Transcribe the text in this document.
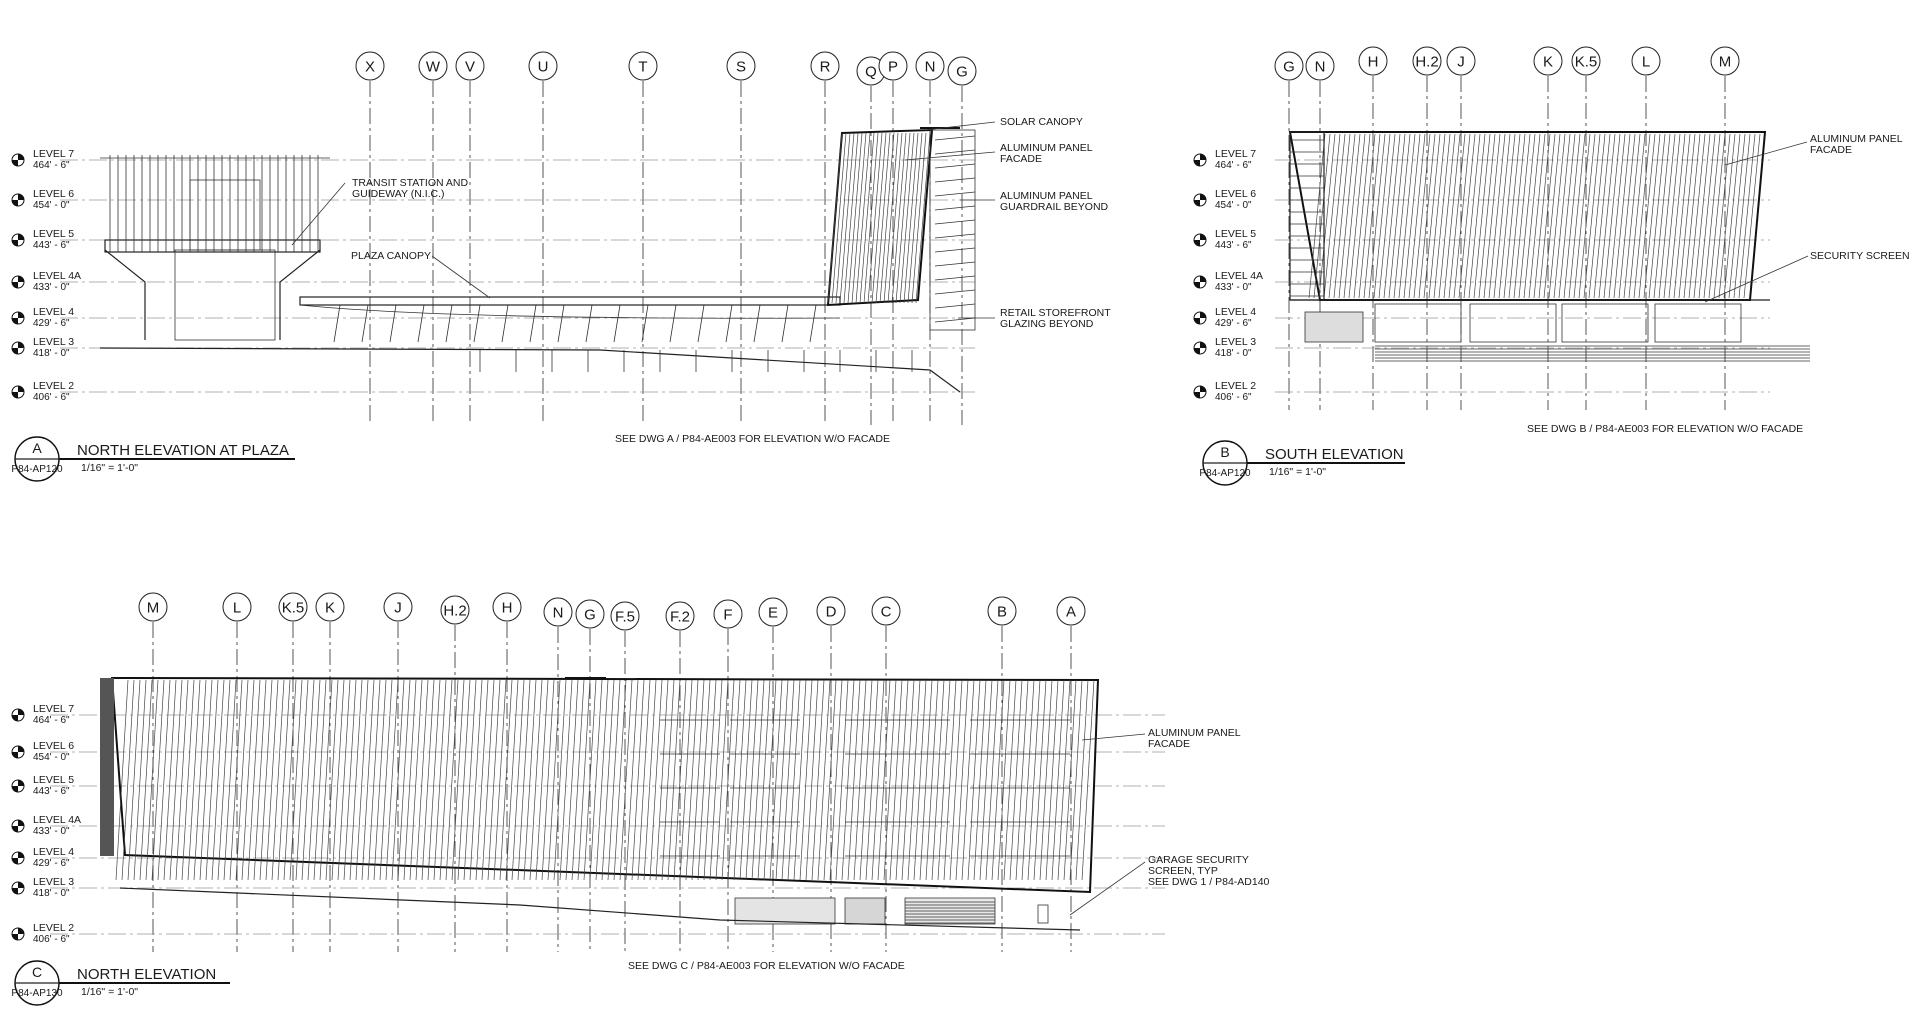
X	W V	U	T	S	R Q P N G
LEVEL 7
464' - 6"
LEVEL 6
454' - 0"
LEVEL 5
443' - 6"
LEVEL 4A
433' - 0"
LEVEL 4
429' - 6"
LEVEL 3
418' - 0"
LEVEL 2
406' - 6"
SOLAR CANOPY
ALUMINUM PANEL
FACADE
ALUMINUM PANEL
GUARDRAIL BEYOND
RETAIL STOREFRONT
GLAZING BEYOND
TRANSIT STATION AND
GUIDEWAY (N.I.C.)
PLAZA CANOPY
SEE DWG A / P84-AE003 FOR ELEVATION W/O FACADE
A
P84-AP120
NORTH ELEVATION AT PLAZA
1/16" = 1'-0"
G N	H H.2 J	K K.5	L	M
LEVEL 7
464' - 6"
LEVEL 6
454' - 0"
LEVEL 5
443' - 6"
LEVEL 4A
433' - 0"
LEVEL 4
429' - 6"
LEVEL 3
418' - 0"
LEVEL 2
406' - 6"
ALUMINUM PANEL
FACADE
SECURITY SCREEN
SEE DWG B / P84-AE003 FOR ELEVATION W/O FACADE
B
P84-AP120
SOUTH ELEVATION
1/16" = 1'-0"
M	L	K.5 K	J	H.2 H	N G F.5 F.2 F E	D	C	B	A
LEVEL 7
464' - 6"
LEVEL 6
454' - 0"
LEVEL 5
443' - 6"
LEVEL 4A
433' - 0"
LEVEL 4
429' - 6"
LEVEL 3
418' - 0"
LEVEL 2
406' - 6"
ALUMINUM PANEL
FACADE
GARAGE SECURITY
SCREEN, TYP
SEE DWG 1 / P84-AD140
SEE DWG C / P84-AE003 FOR ELEVATION W/O FACADE
C
P84-AP130
NORTH ELEVATION
1/16" = 1'-0"
